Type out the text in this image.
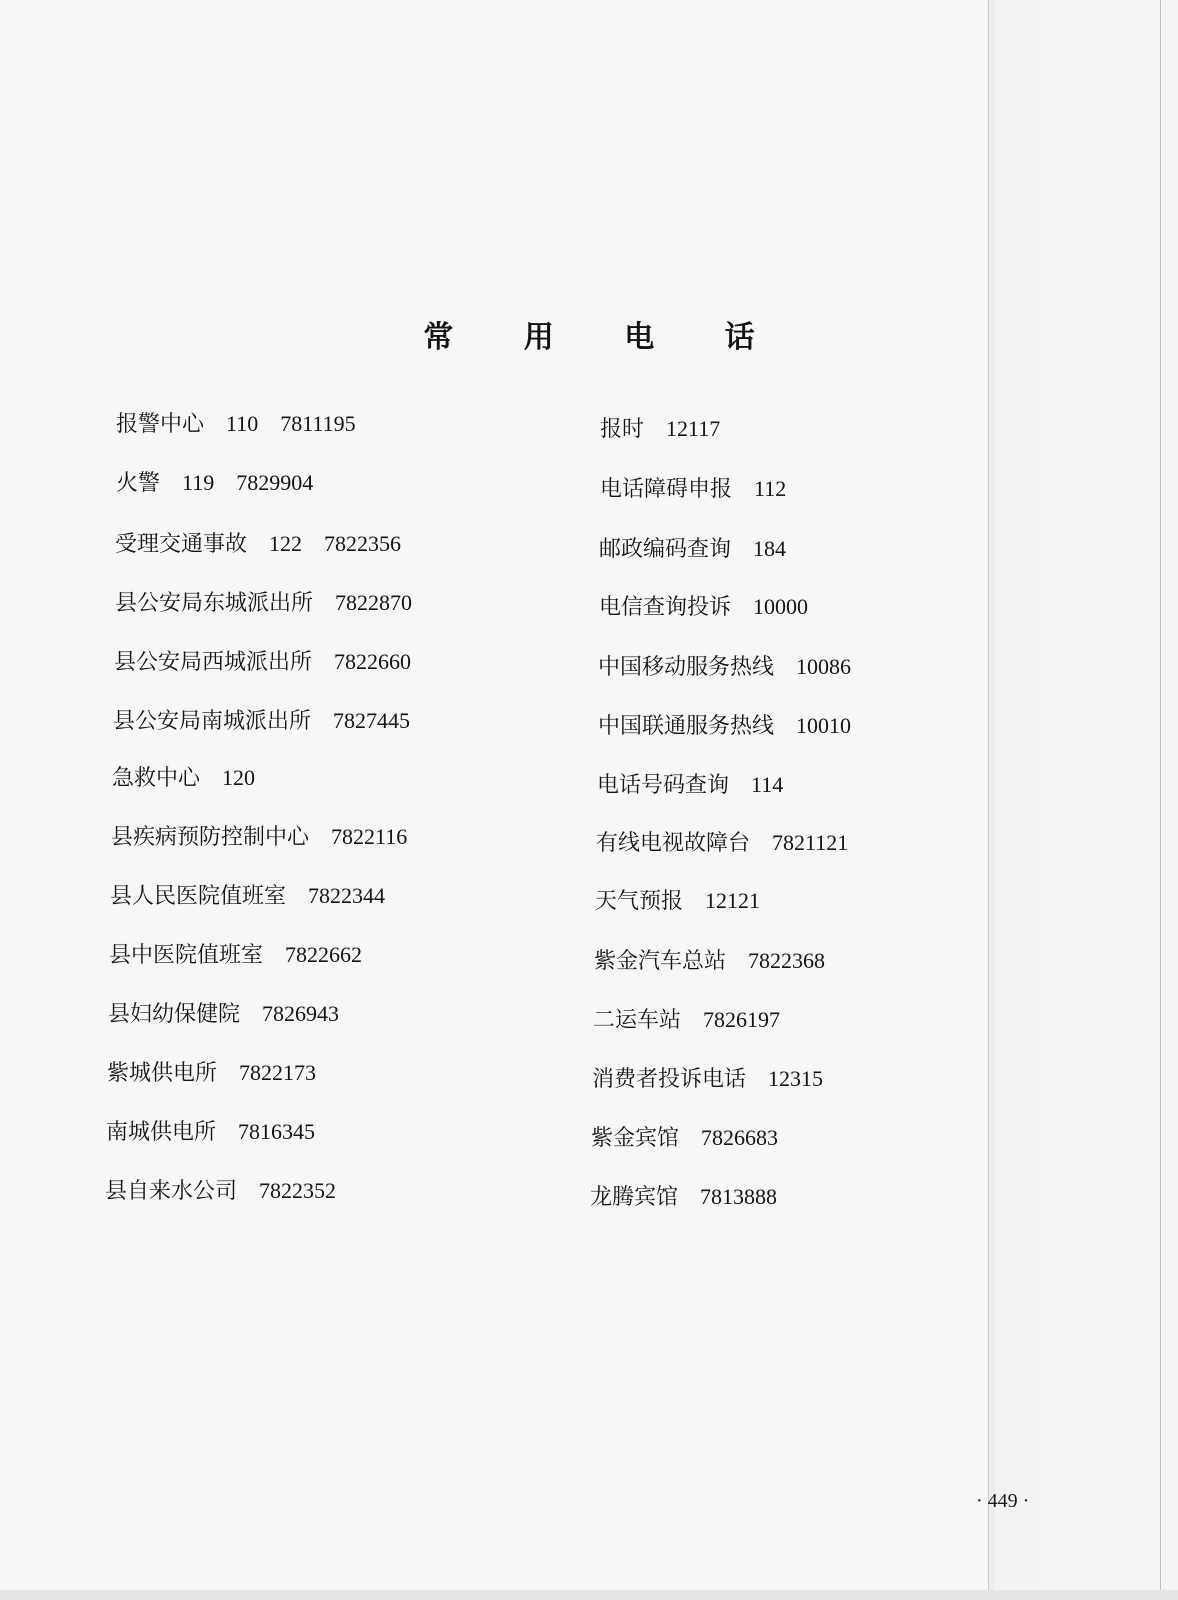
常 用 电 话
报警中心 110 7811195
火警 119 7829904
受理交通事故 122 7822356
县公安局东城派出所 7822870
县公安局西城派出所 7822660
县公安局南城派出所 7827445
急救中心 120
县疾病预防控制中心 7822116
县人民医院值班室 7822344
县中医院值班室 7822662
县妇幼保健院 7826943
紫城供电所 7822173
南城供电所 7816345
县自来水公司 7822352
报时 12117
电话障碍申报 112
邮政编码查询 184
电信查询投诉 10000
中国移动服务热线 10086
中国联通服务热线 10010
电话号码查询 114
有线电视故障台 7821121
天气预报 12121
紫金汽车总站 7822368
二运车站 7826197
消费者投诉电话 12315
紫金宾馆 7826683
龙腾宾馆 7813888
· 449 ·
